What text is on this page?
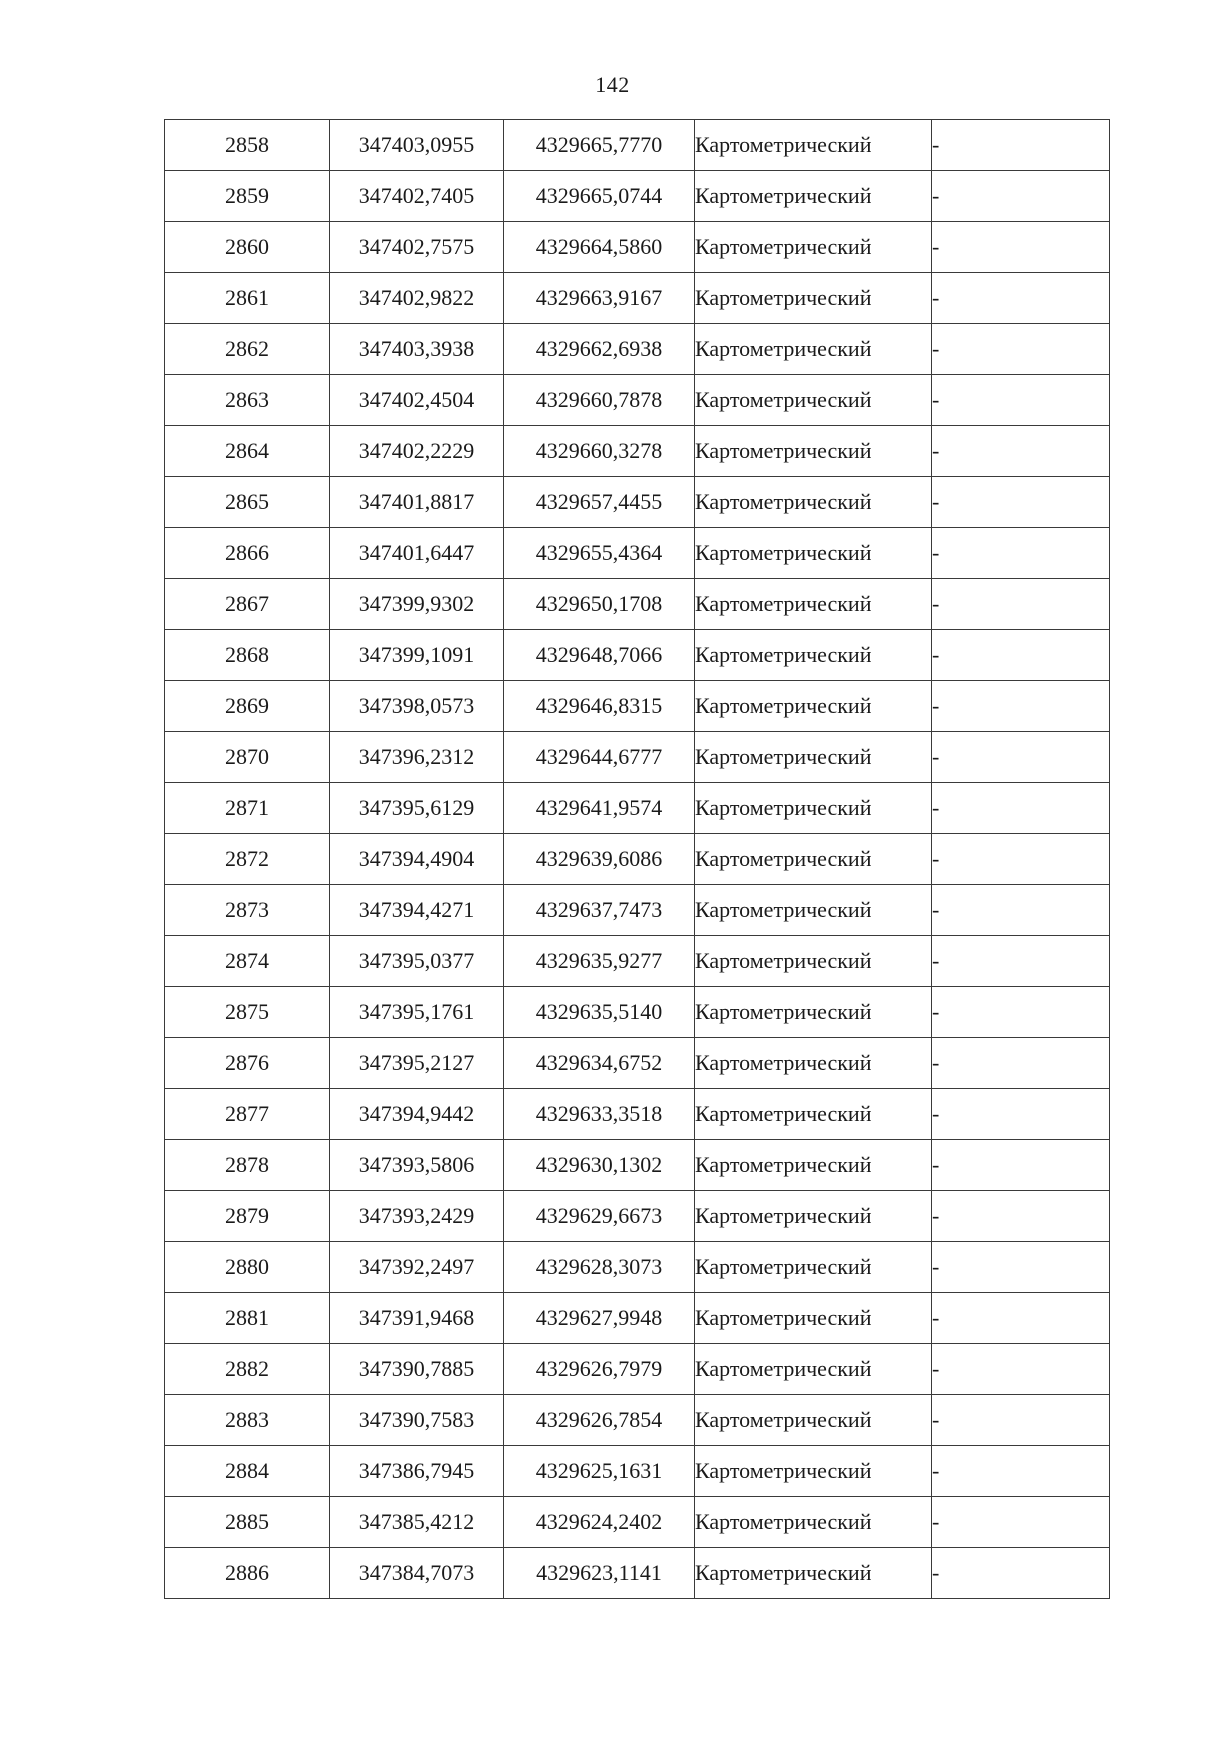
142
2858	347403,0955	4329665,7770	Картометрический	-
2859	347402,7405	4329665,0744	Картометрический	-
2860	347402,7575	4329664,5860	Картометрический	-
2861	347402,9822	4329663,9167	Картометрический	-
2862	347403,3938	4329662,6938	Картометрический	-
2863	347402,4504	4329660,7878	Картометрический	-
2864	347402,2229	4329660,3278	Картометрический	-
2865	347401,8817	4329657,4455	Картометрический	-
2866	347401,6447	4329655,4364	Картометрический	-
2867	347399,9302	4329650,1708	Картометрический	-
2868	347399,1091	4329648,7066	Картометрический	-
2869	347398,0573	4329646,8315	Картометрический	-
2870	347396,2312	4329644,6777	Картометрический	-
2871	347395,6129	4329641,9574	Картометрический	-
2872	347394,4904	4329639,6086	Картометрический	-
2873	347394,4271	4329637,7473	Картометрический	-
2874	347395,0377	4329635,9277	Картометрический	-
2875	347395,1761	4329635,5140	Картометрический	-
2876	347395,2127	4329634,6752	Картометрический	-
2877	347394,9442	4329633,3518	Картометрический	-
2878	347393,5806	4329630,1302	Картометрический	-
2879	347393,2429	4329629,6673	Картометрический	-
2880	347392,2497	4329628,3073	Картометрический	-
2881	347391,9468	4329627,9948	Картометрический	-
2882	347390,7885	4329626,7979	Картометрический	-
2883	347390,7583	4329626,7854	Картометрический	-
2884	347386,7945	4329625,1631	Картометрический	-
2885	347385,4212	4329624,2402	Картометрический	-
2886	347384,7073	4329623,1141	Картометрический	-
